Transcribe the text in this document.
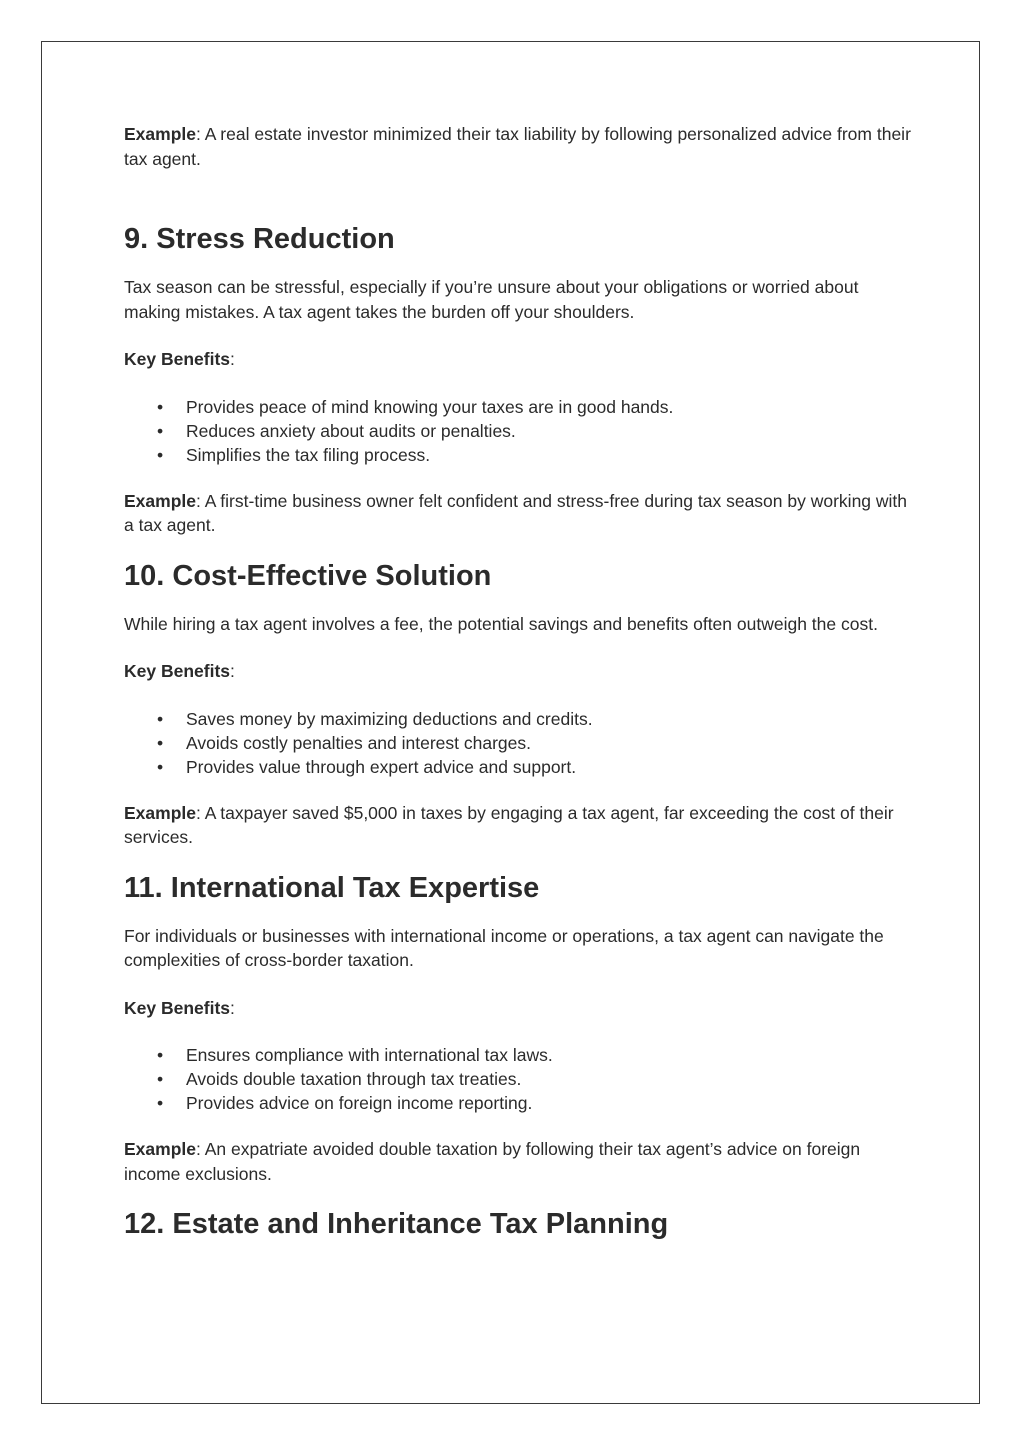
Example: A real estate investor minimized their tax liability by following personalized advice from their tax agent.

9. Stress Reduction

Tax season can be stressful, especially if you’re unsure about your obligations or worried about making mistakes. A tax agent takes the burden off your shoulders.

Key Benefits:

• Provides peace of mind knowing your taxes are in good hands.
• Reduces anxiety about audits or penalties.
• Simplifies the tax filing process.

Example: A first-time business owner felt confident and stress-free during tax season by working with a tax agent.

10. Cost-Effective Solution

While hiring a tax agent involves a fee, the potential savings and benefits often outweigh the cost.

Key Benefits:

• Saves money by maximizing deductions and credits.
• Avoids costly penalties and interest charges.
• Provides value through expert advice and support.

Example: A taxpayer saved $5,000 in taxes by engaging a tax agent, far exceeding the cost of their services.

11. International Tax Expertise

For individuals or businesses with international income or operations, a tax agent can navigate the complexities of cross-border taxation.

Key Benefits:

• Ensures compliance with international tax laws.
• Avoids double taxation through tax treaties.
• Provides advice on foreign income reporting.

Example: An expatriate avoided double taxation by following their tax agent’s advice on foreign income exclusions.

12. Estate and Inheritance Tax Planning
